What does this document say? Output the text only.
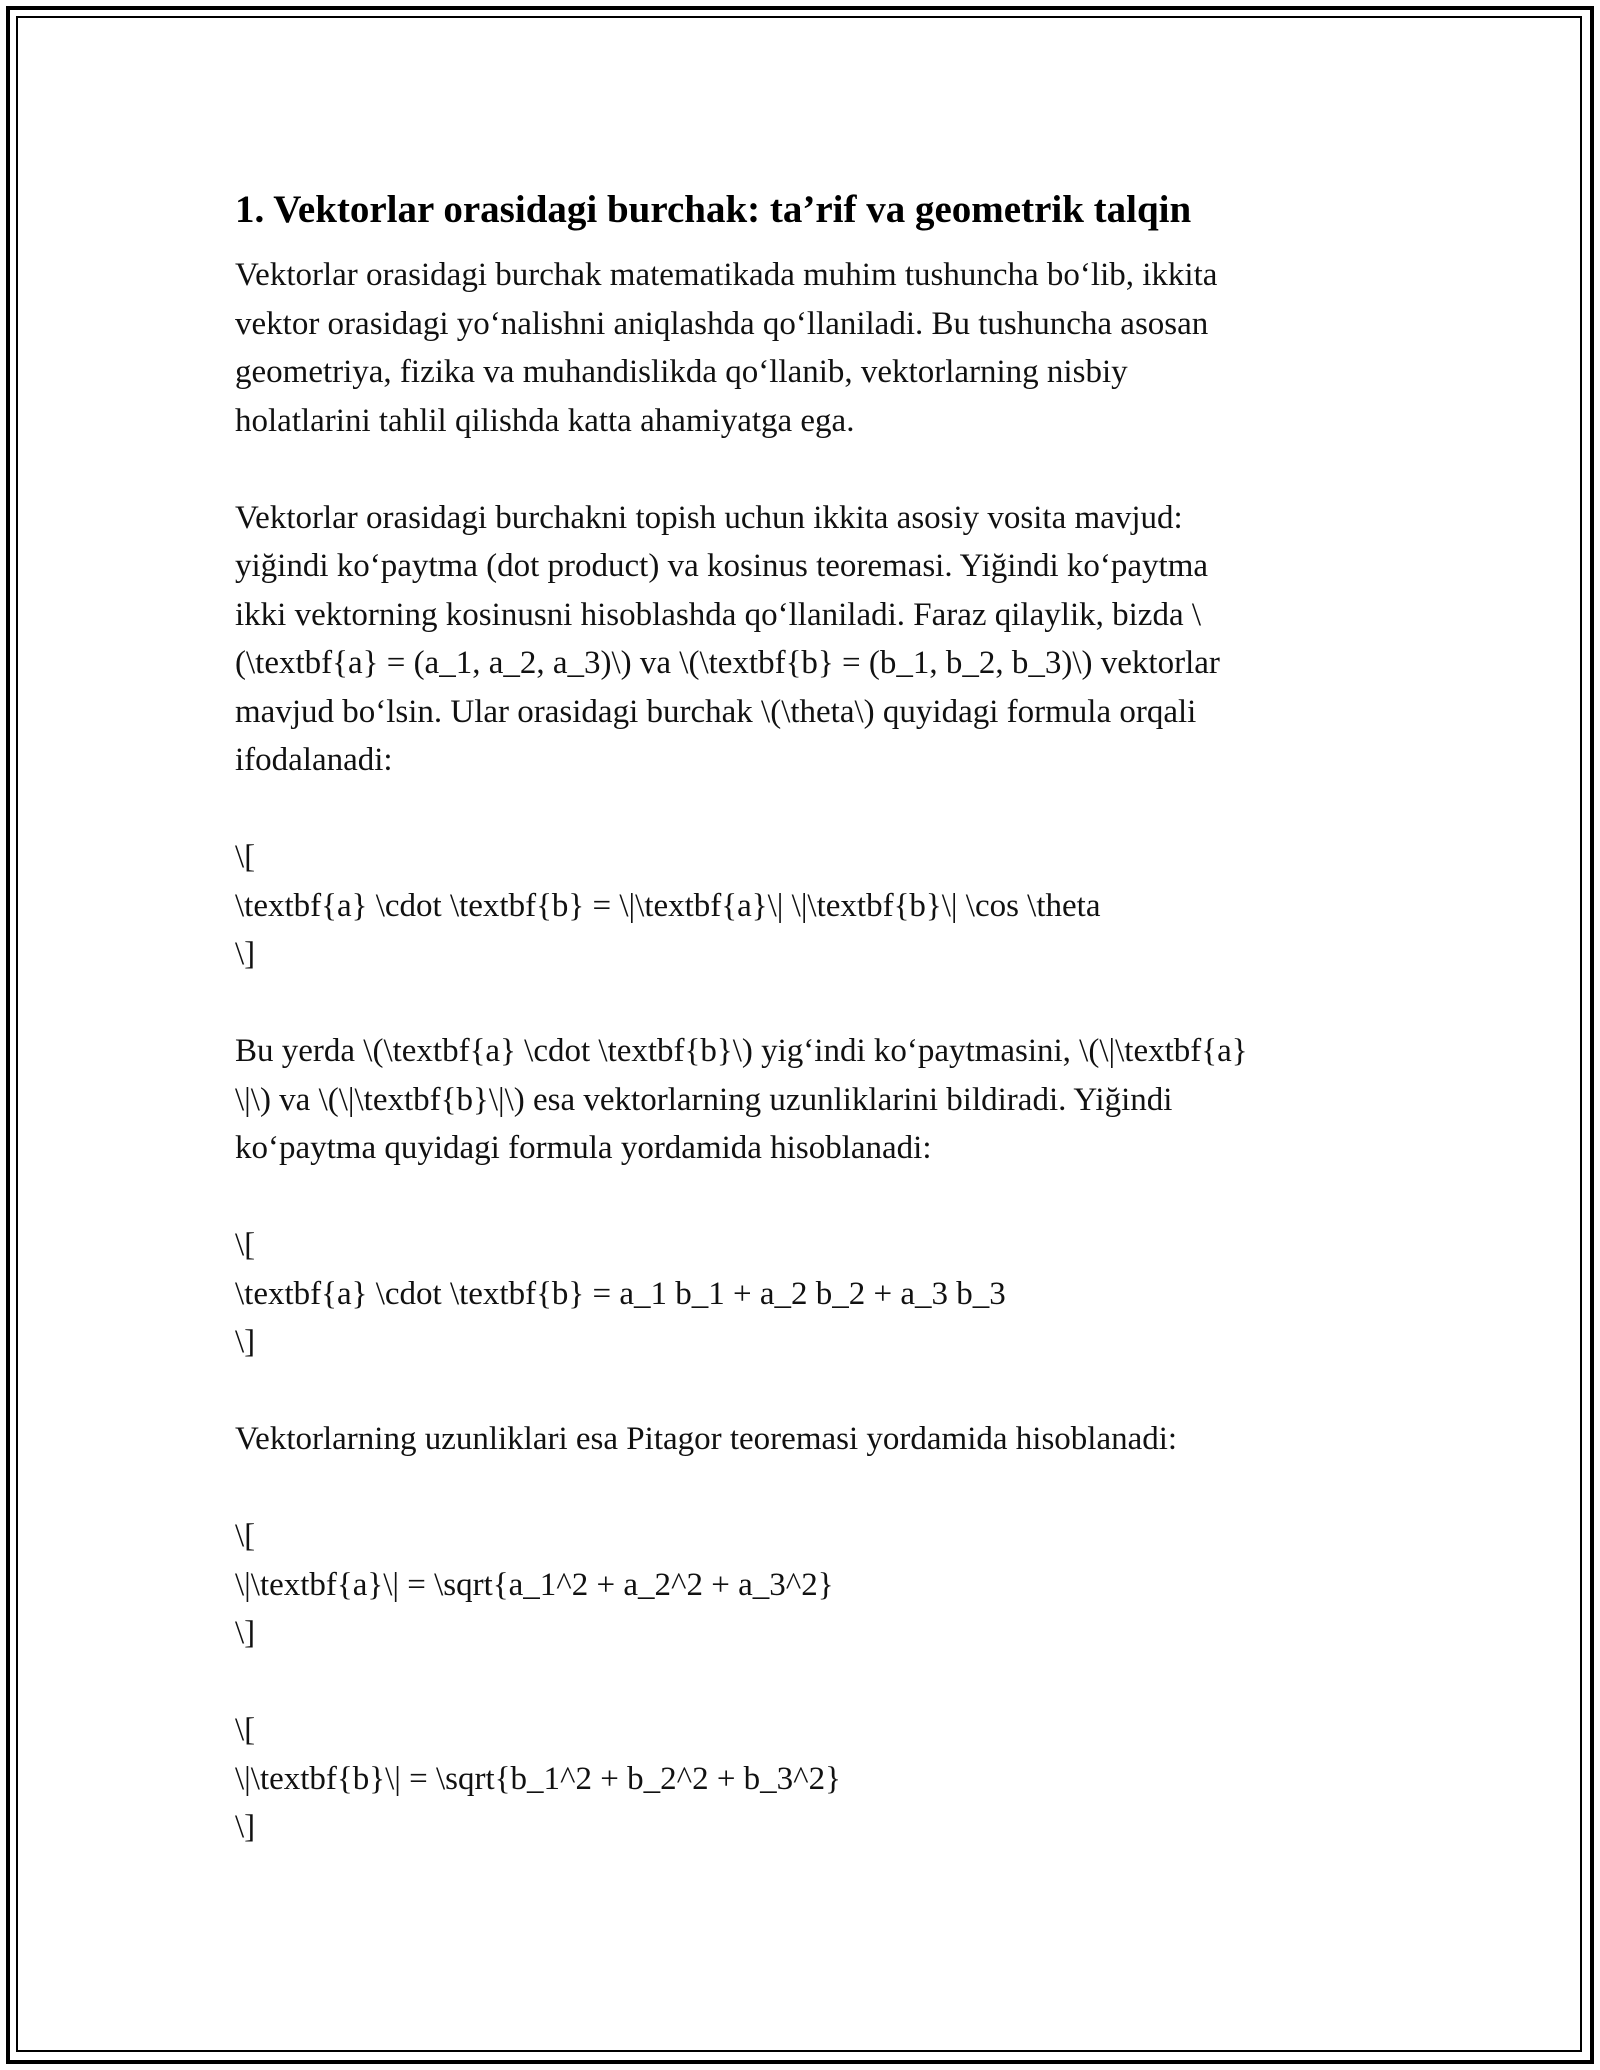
1. Vektorlar orasidagi burchak: ta’rif va geometrik talqin

Vektorlar orasidagi burchak matematikada muhim tushuncha bo‘lib, ikkita
vektor orasidagi yo‘nalishni aniqlashda qo‘llaniladi. Bu tushuncha asosan
geometriya, fizika va muhandislikda qo‘llanib, vektorlarning nisbiy
holatlarini tahlil qilishda katta ahamiyatga ega.

Vektorlar orasidagi burchakni topish uchun ikkita asosiy vosita mavjud:
yiğindi ko‘paytma (dot product) va kosinus teoremasi. Yiğindi ko‘paytma
ikki vektorning kosinusni hisoblashda qo‘llaniladi. Faraz qilaylik, bizda \
(\textbf{a} = (a_1, a_2, a_3)\) va \(\textbf{b} = (b_1, b_2, b_3)\) vektorlar
mavjud bo‘lsin. Ular orasidagi burchak \(\theta\) quyidagi formula orqali
ifodalanadi:

\[
\textbf{a} \cdot \textbf{b} = \|\textbf{a}\| \|\textbf{b}\| \cos \theta
\]

Bu yerda \(\textbf{a} \cdot \textbf{b}\) yig‘indi ko‘paytmasini, \(\|\textbf{a}
\|\) va \(\|\textbf{b}\|\) esa vektorlarning uzunliklarini bildiradi. Yiğindi
ko‘paytma quyidagi formula yordamida hisoblanadi:

\[
\textbf{a} \cdot \textbf{b} = a_1 b_1 + a_2 b_2 + a_3 b_3
\]

Vektorlarning uzunliklari esa Pitagor teoremasi yordamida hisoblanadi:

\[
\|\textbf{a}\| = \sqrt{a_1^2 + a_2^2 + a_3^2}
\]

\[
\|\textbf{b}\| = \sqrt{b_1^2 + b_2^2 + b_3^2}
\]
